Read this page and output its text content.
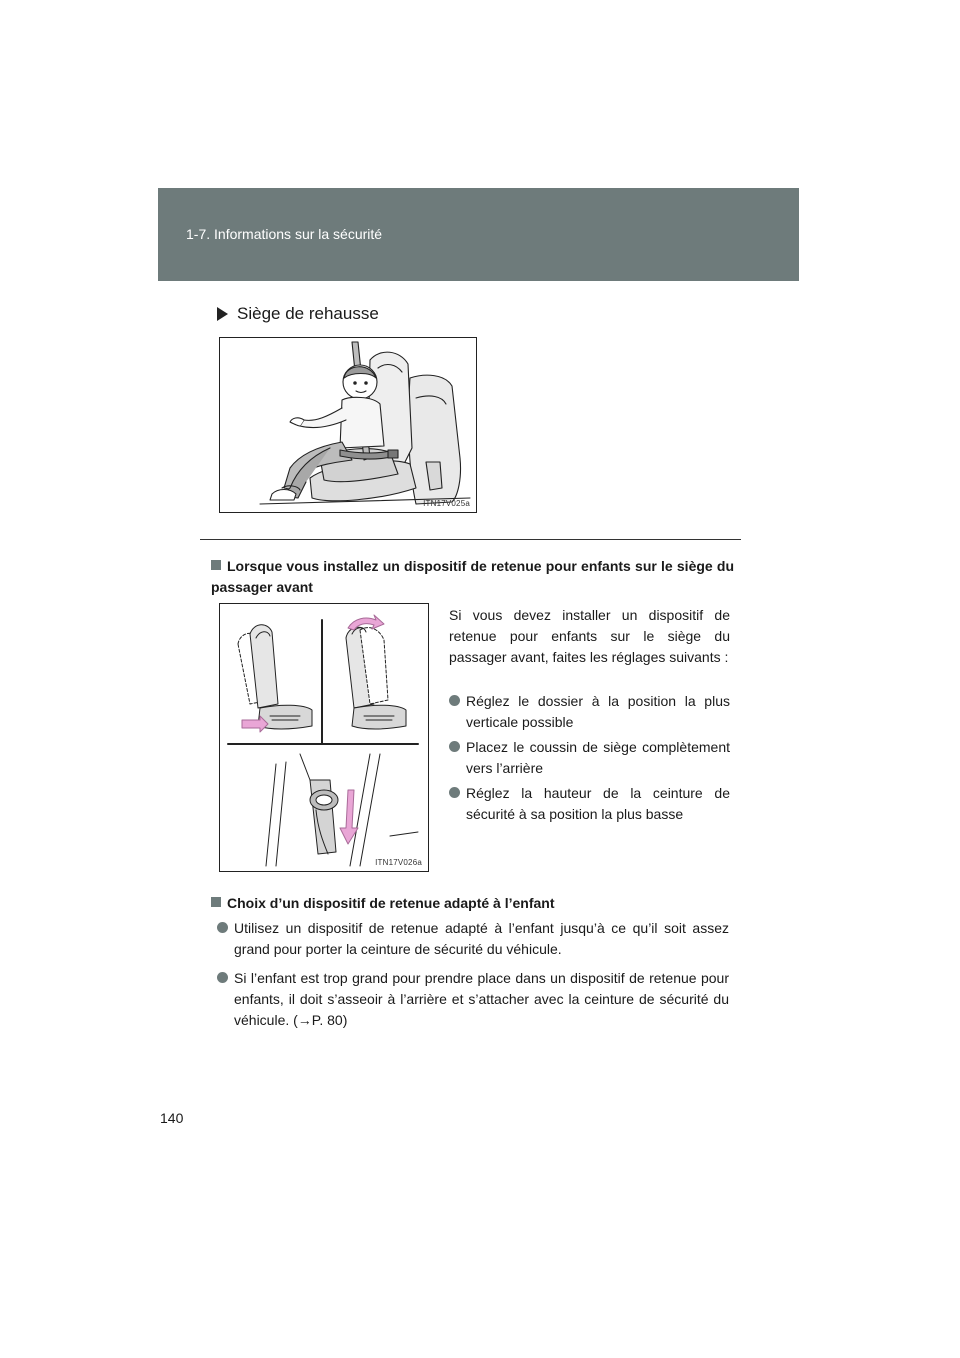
1-7. Informations sur la sécurité
Siège de rehausse
ITN17V025a
Lorsque vous installez un dispositif de retenue pour enfants sur le siège du passager avant
ITN17V026a
Si vous devez installer un dispositif de retenue pour enfants sur le siège du passager avant, faites les réglages suivants :
Réglez le dossier à la position la plus verticale possible
Placez le coussin de siège complètement vers l’arrière
Réglez la hauteur de la ceinture de sécurité à sa position la plus basse
Choix d’un dispositif de retenue adapté à l’enfant
Utilisez un dispositif de retenue adapté à l’enfant jusqu’à ce qu’il soit assez grand pour porter la ceinture de sécurité du véhicule.
Si l’enfant est trop grand pour prendre place dans un dispositif de retenue pour enfants, il doit s’asseoir à l’arrière et s’attacher avec la ceinture de sécurité du véhicule. (→P. 80)
140
